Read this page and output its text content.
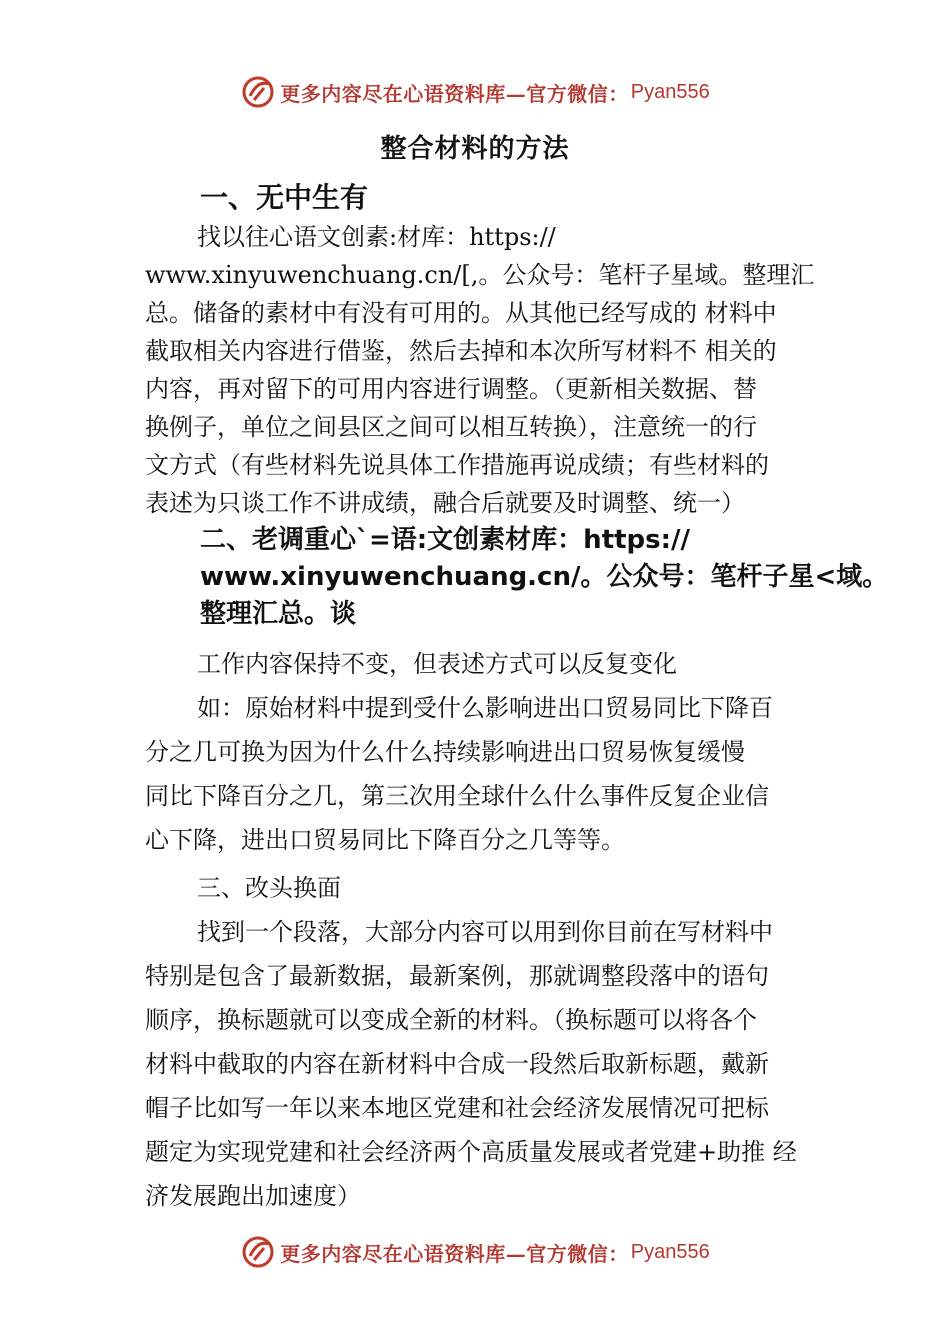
更多内容尽在心语资料库—官方微信： Pyan556
整合材料的方法
一、无中生有
找以往心语文创素:材库：https://
www.xinyuwenchuang.cn/[,。公众号：笔杆子星域。整理汇
总。储备的素材中有没有可用的。从其他已经写成的 材料中
截取相关内容进行借鉴，然后去掉和本次所写材料不 相关的
内容，再对留下的可用内容进行调整。（更新相关数据、替
换例子，单位之间县区之间可以相互转换），注意统一的行
文方式（有些材料先说具体工作措施再说成绩；有些材料的
表述为只谈工作不讲成绩，融合后就要及时调整、统一）
二、老调重心`=语:文创素材库：https://
www.xinyuwenchuang.cn/。公众号：笔杆子星<域。
整理汇总。谈
工作内容保持不变，但表述方式可以反复变化
如：原始材料中提到受什么影响进出口贸易同比下降百
分之几可换为因为什么什么持续影响进出口贸易恢复缓慢
同比下降百分之几，第三次用全球什么什么事件反复企业信
心下降，进出口贸易同比下降百分之几等等。
三、改头换面
找到一个段落，大部分内容可以用到你目前在写材料中
特别是包含了最新数据，最新案例，那就调整段落中的语句
顺序，换标题就可以变成全新的材料。（换标题可以将各个
材料中截取的内容在新材料中合成一段然后取新标题，戴新
帽子比如写一年以来本地区党建和社会经济发展情况可把标
题定为实现党建和社会经济两个高质量发展或者党建+助推 经
济发展跑出加速度）
更多内容尽在心语资料库—官方微信： Pyan556
